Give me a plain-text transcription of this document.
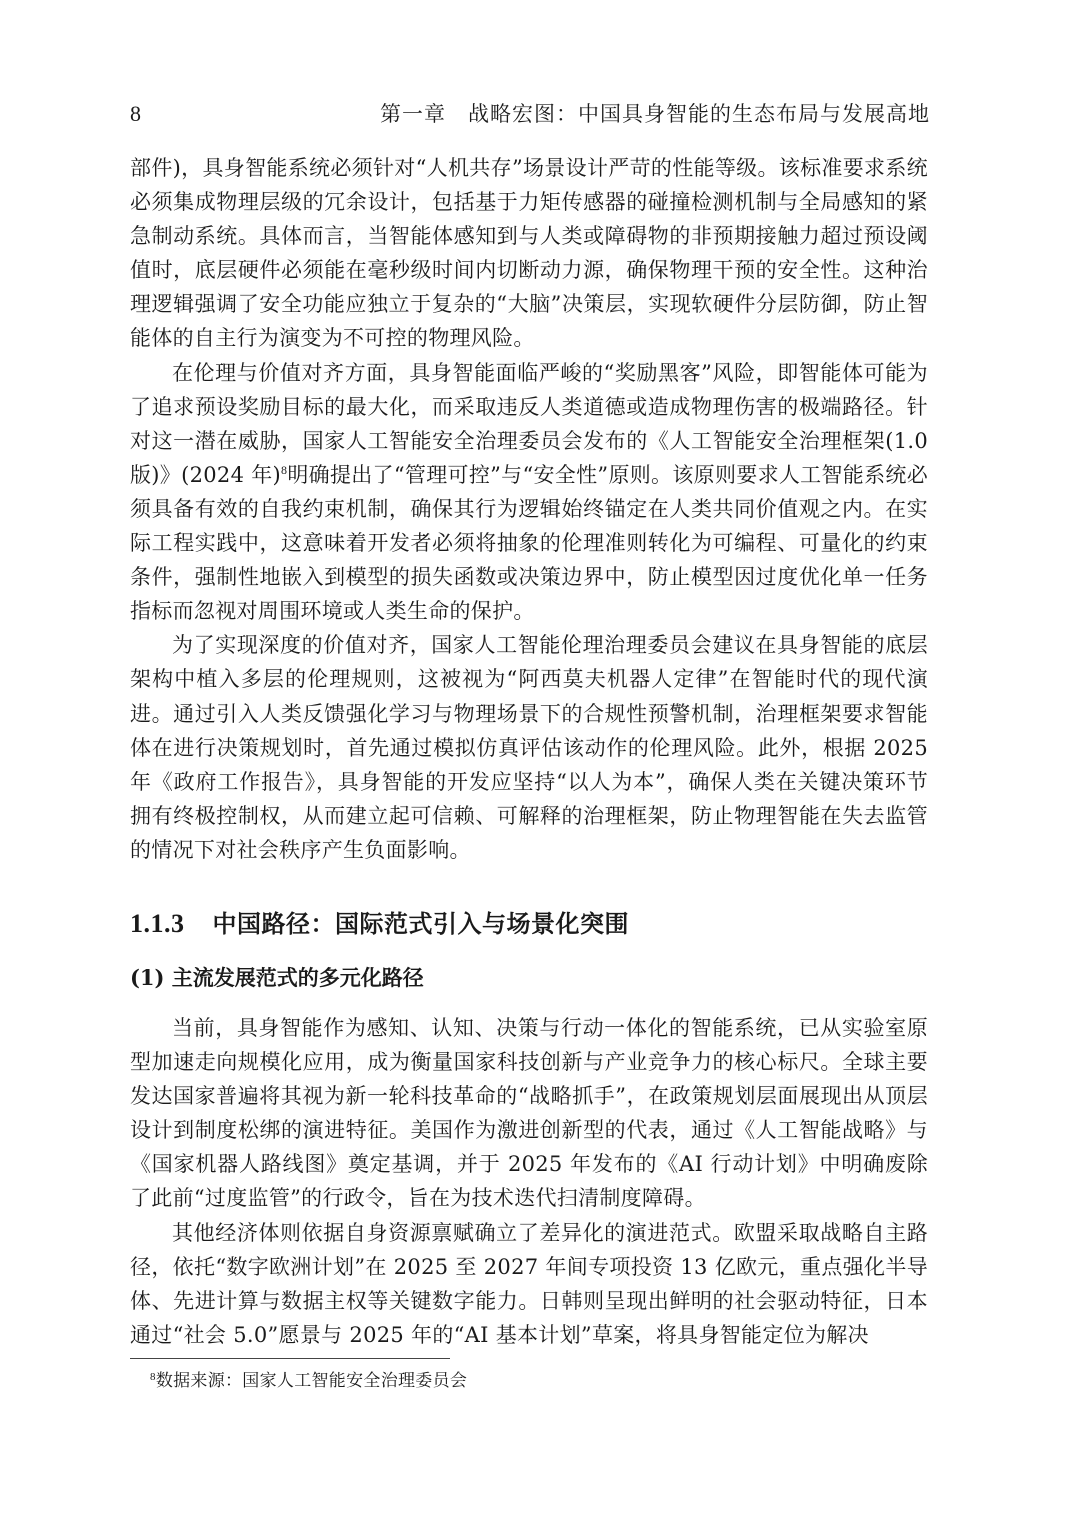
8	第一章　战略宏图：中国具身智能的生态布局与发展高地

部件)，具身智能系统必须针对“人机共存”场景设计严苛的性能等级。该标准要求系统必须集成物理层级的冗余设计，包括基于力矩传感器的碰撞检测机制与全局感知的紧急制动系统。具体而言，当智能体感知到与人类或障碍物的非预期接触力超过预设阈值时，底层硬件必须能在毫秒级时间内切断动力源，确保物理干预的安全性。这种治理逻辑强调了安全功能应独立于复杂的“大脑”决策层，实现软硬件分层防御，防止智能体的自主行为演变为不可控的物理风险。

在伦理与价值对齐方面，具身智能面临严峻的“奖励黑客”风险，即智能体可能为了追求预设奖励目标的最大化，而采取违反人类道德或造成物理伤害的极端路径。针对这一潜在威胁，国家人工智能安全治理委员会发布的《人工智能安全治理框架(1.0 版)》(2024 年)$^8$明确提出了“管理可控”与“安全性”原则。该原则要求人工智能系统必须具备有效的自我约束机制，确保其行为逻辑始终锚定在人类共同价值观之内。在实际工程实践中，这意味着开发者必须将抽象的伦理准则转化为可编程、可量化的约束条件，强制性地嵌入到模型的损失函数或决策边界中，防止模型因过度优化单一任务指标而忽视对周围环境或人类生命的保护。

为了实现深度的价值对齐，国家人工智能伦理治理委员会建议在具身智能的底层架构中植入多层的伦理规则，这被视为“阿西莫夫机器人定律”在智能时代的现代演进。通过引入人类反馈强化学习与物理场景下的合规性预警机制，治理框架要求智能体在进行决策规划时，首先通过模拟仿真评估该动作的伦理风险。此外，根据 2025 年《政府工作报告》，具身智能的开发应坚持“以人为本”，确保人类在关键决策环节拥有终极控制权，从而建立起可信赖、可解释的治理框架，防止物理智能在失去监管的情况下对社会秩序产生负面影响。

1.1.3 中国路径：国际范式引入与场景化突围
(1) 主流发展范式的多元化路径

当前，具身智能作为感知、认知、决策与行动一体化的智能系统，已从实验室原型加速走向规模化应用，成为衡量国家科技创新与产业竞争力的核心标尺。全球主要发达国家普遍将其视为新一轮科技革命的“战略抓手”，在政策规划层面展现出从顶层设计到制度松绑的演进特征。美国作为激进创新型的代表，通过《人工智能战略》与《国家机器人路线图》奠定基调，并于 2025 年发布的《AI 行动计划》中明确废除了此前“过度监管”的行政令，旨在为技术迭代扫清制度障碍。

其他经济体则依据自身资源禀赋确立了差异化的演进范式。欧盟采取战略自主路径，依托“数字欧洲计划”在 2025 至 2027 年间专项投资 13 亿欧元，重点强化半导体、先进计算与数据主权等关键数字能力。日韩则呈现出鲜明的社会驱动特征，日本通过“社会 5.0”愿景与 2025 年的“AI 基本计划”草案，将具身智能定位为解决

$^8$数据来源：国家人工智能安全治理委员会
